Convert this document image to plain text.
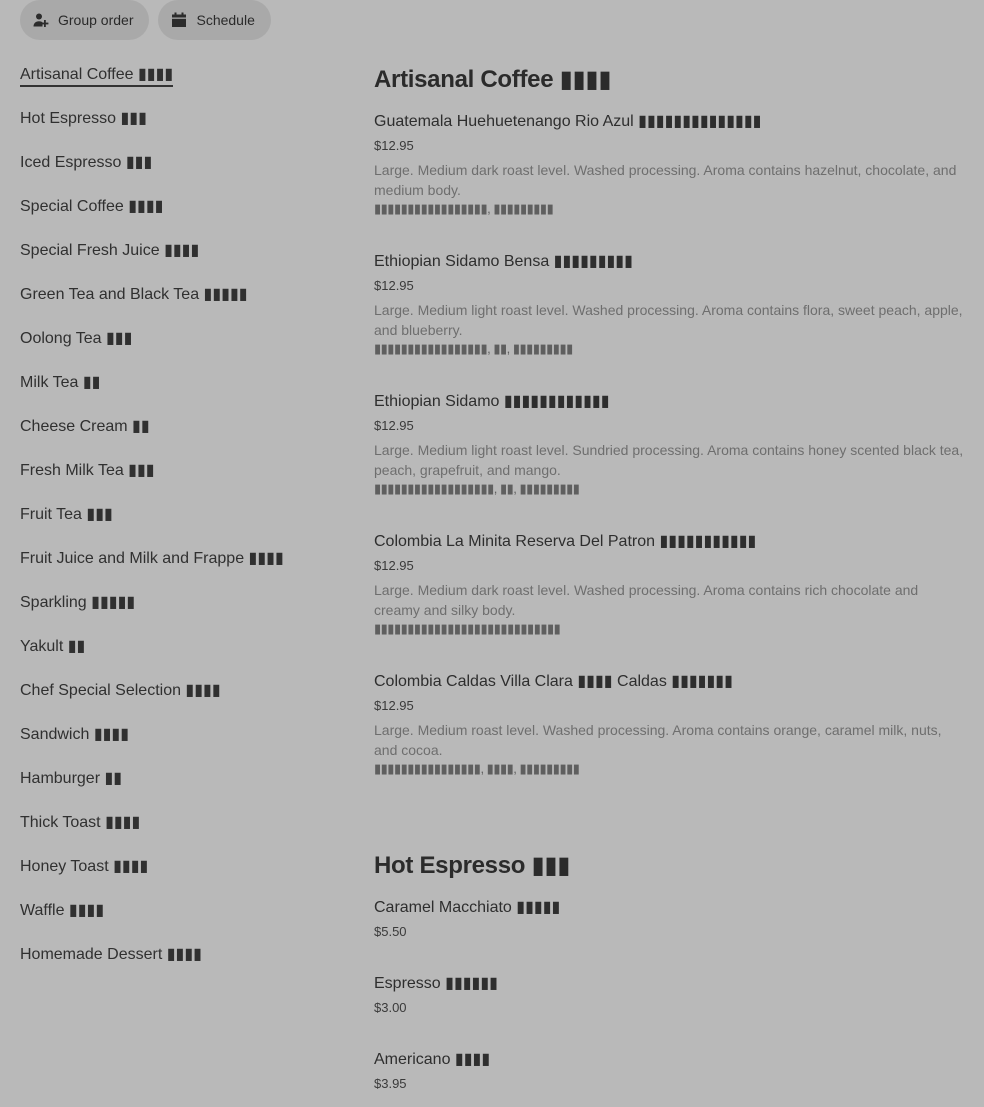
Group order	Schedule
Artisanal Coffee ▮▮▮▮
Hot Espresso ▮▮▮
Iced Espresso ▮▮▮
Special Coffee ▮▮▮▮
Special Fresh Juice ▮▮▮▮
Green Tea and Black Tea ▮▮▮▮▮
Oolong Tea ▮▮▮
Milk Tea ▮▮
Cheese Cream ▮▮
Fresh Milk Tea ▮▮▮
Fruit Tea ▮▮▮
Fruit Juice and Milk and Frappe ▮▮▮▮
Sparkling ▮▮▮▮▮
Yakult ▮▮
Chef Special Selection ▮▮▮▮
Sandwich ▮▮▮▮
Hamburger ▮▮
Thick Toast ▮▮▮▮
Honey Toast ▮▮▮▮
Waffle ▮▮▮▮
Homemade Dessert ▮▮▮▮
Artisanal Coffee ▮▮▮▮
Guatemala Huehuetenango Rio Azul ▮▮▮▮▮▮▮▮▮▮▮▮▮▮
$12.95
Large. Medium dark roast level. Washed processing. Aroma contains hazelnut, chocolate, and medium body.
▮▮▮▮▮▮▮▮▮▮▮▮▮▮▮▮▮, ▮▮▮▮▮▮▮▮▮
Ethiopian Sidamo Bensa ▮▮▮▮▮▮▮▮▮
$12.95
Large. Medium light roast level. Washed processing. Aroma contains flora, sweet peach, apple, and blueberry.
▮▮▮▮▮▮▮▮▮▮▮▮▮▮▮▮▮, ▮▮, ▮▮▮▮▮▮▮▮▮
Ethiopian Sidamo ▮▮▮▮▮▮▮▮▮▮▮▮
$12.95
Large. Medium light roast level. Sundried processing. Aroma contains honey scented black tea, peach, grapefruit, and mango.
▮▮▮▮▮▮▮▮▮▮▮▮▮▮▮▮▮▮, ▮▮, ▮▮▮▮▮▮▮▮▮
Colombia La Minita Reserva Del Patron ▮▮▮▮▮▮▮▮▮▮▮
$12.95
Large. Medium dark roast level. Washed processing. Aroma contains rich chocolate and creamy and silky body.
▮▮▮▮▮▮▮▮▮▮▮▮▮▮▮▮▮▮▮▮▮▮▮▮▮▮▮▮
Colombia Caldas Villa Clara ▮▮▮▮ Caldas ▮▮▮▮▮▮▮
$12.95
Large. Medium roast level. Washed processing. Aroma contains orange, caramel milk, nuts, and cocoa.
▮▮▮▮▮▮▮▮▮▮▮▮▮▮▮▮, ▮▮▮▮, ▮▮▮▮▮▮▮▮▮
Hot Espresso ▮▮▮
Caramel Macchiato ▮▮▮▮▮
$5.50
Espresso ▮▮▮▮▮▮
$3.00
Americano ▮▮▮▮
$3.95
